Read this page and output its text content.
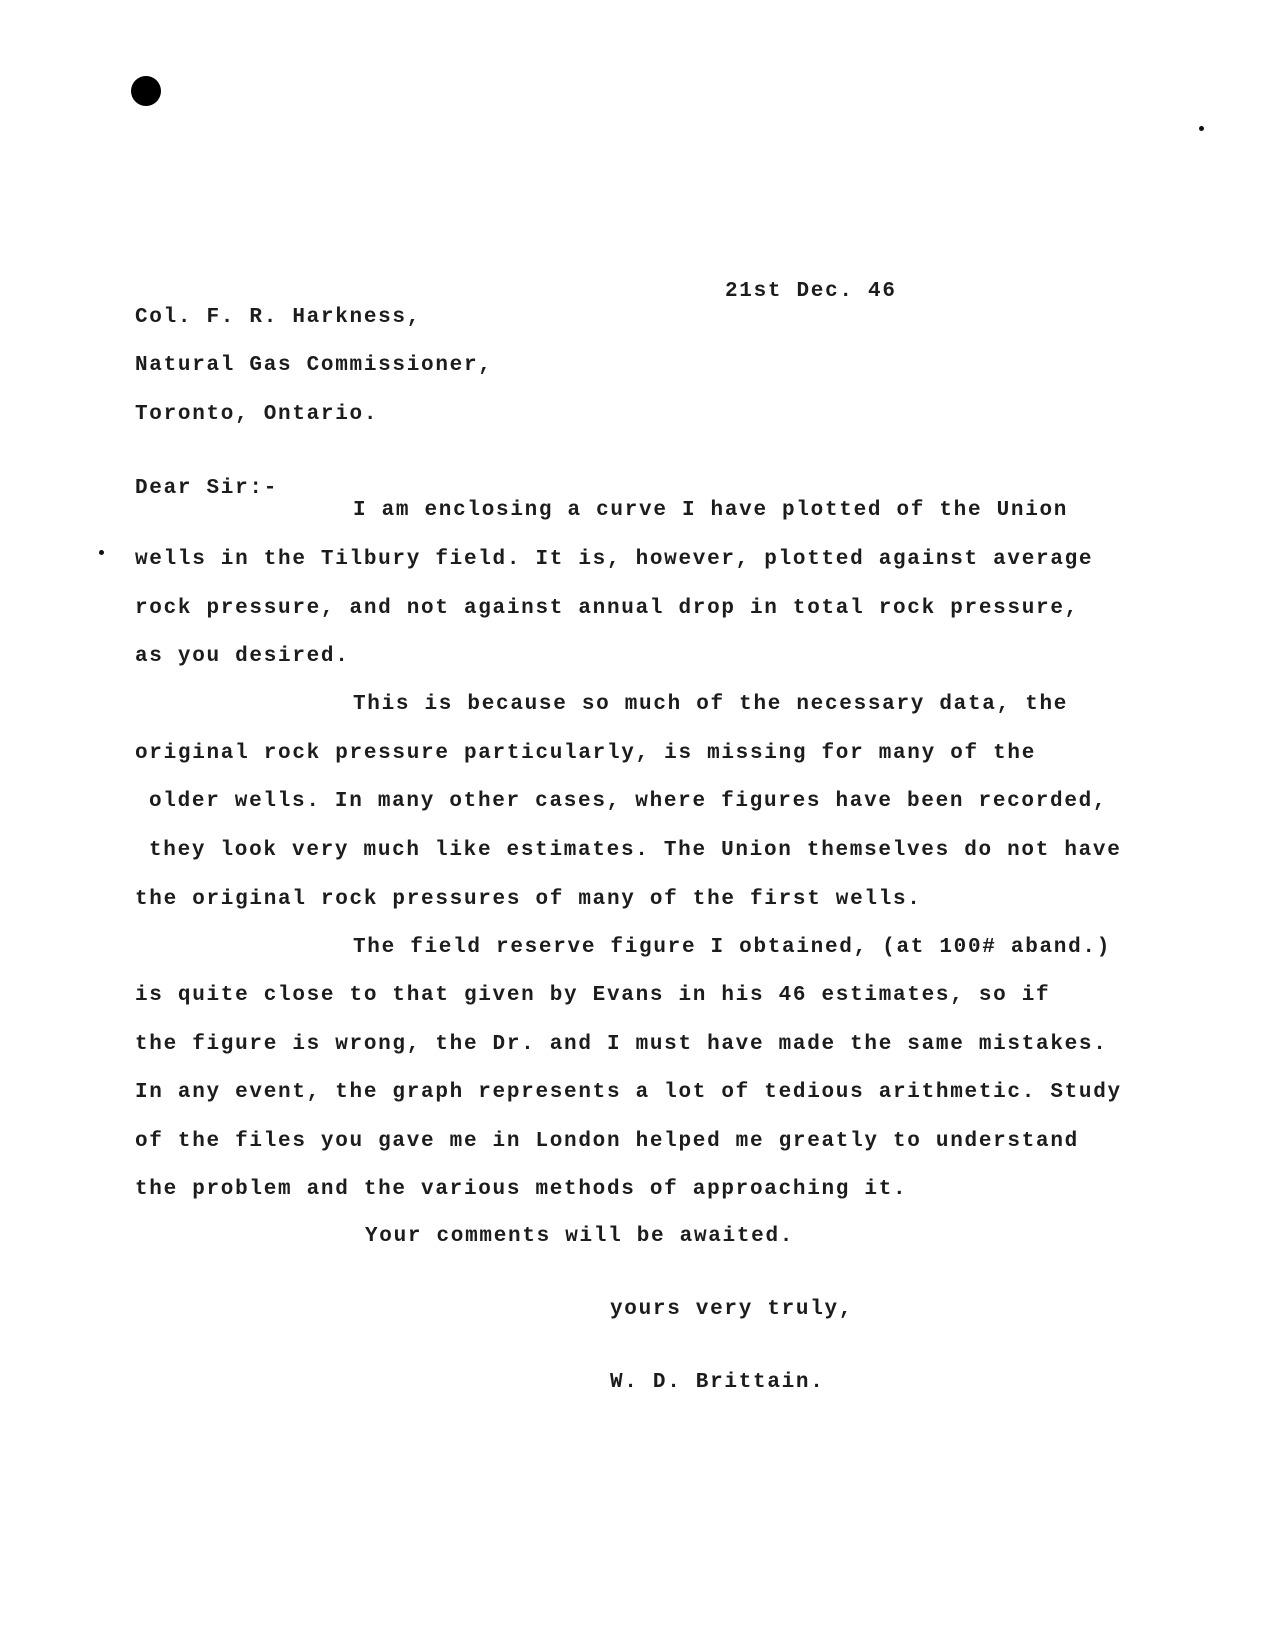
21st Dec. 46
Col. F. R. Harkness,
Natural Gas Commissioner,
Toronto, Ontario.
Dear Sir:-
I am enclosing a curve I have plotted of the Union
wells in the Tilbury field. It is, however, plotted against average
rock pressure, and not against annual drop in total rock pressure,
as you desired.
This is because so much of the necessary data, the
original rock pressure particularly, is missing for many of the
older wells. In many other cases, where figures have been recorded,
they look very much like estimates. The Union themselves do not have
the original rock pressures of many of the first wells.
The field reserve figure I obtained, (at 100# aband.)
is quite close to that given by Evans in his 46 estimates, so if
the figure is wrong, the Dr. and I must have made the same mistakes.
In any event, the graph represents a lot of tedious arithmetic. Study
of the files you gave me in London helped me greatly to understand
the problem and the various methods of approaching it.
Your comments will be awaited.
yours very truly,
W. D. Brittain.
